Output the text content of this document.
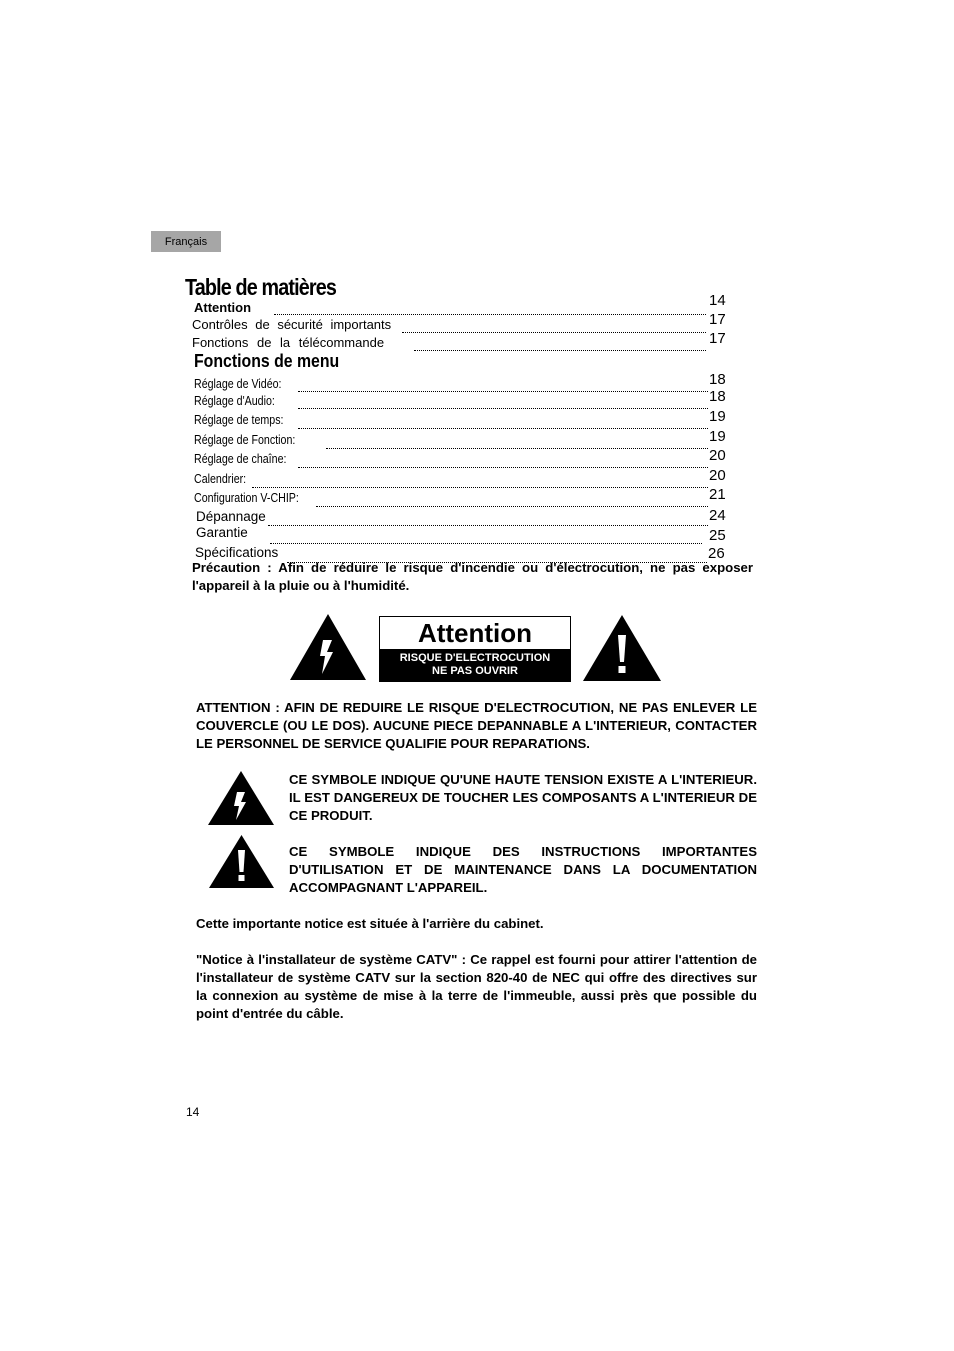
Français
Table de matières
Attention	14
Contrôles de sécurité importants	17
Fonctions de la télécommande	17
Fonctions de menu
Réglage de Vidéo:	18
Réglage d'Audio:	18
Réglage de temps:	19
Réglage de Fonction:	19
Réglage de chaîne:	20
Calendrier:	20
Configuration V-CHIP:	21
Dépannage	24
Garantie	25
Spécifications	26
Précaution : Afin de réduire le risque d'incendie ou d'électrocution, ne pas exposer l'appareil à la pluie ou à l'humidité.
Attention
RISQUE D'ELECTROCUTION
NE PAS OUVRIR
ATTENTION : AFIN DE REDUIRE LE RISQUE D'ELECTROCUTION, NE PAS ENLEVER LE COUVERCLE (OU LE DOS). AUCUNE PIECE DEPANNABLE A L'INTERIEUR, CONTACTER LE PERSONNEL DE SERVICE QUALIFIE POUR REPARATIONS.
CE SYMBOLE INDIQUE QU'UNE HAUTE TENSION EXISTE A L'INTERIEUR. IL EST DANGEREUX DE TOUCHER LES COMPOSANTS A L'INTERIEUR DE CE PRODUIT.
CE SYMBOLE INDIQUE DES INSTRUCTIONS IMPORTANTES D'UTILISATION ET DE MAINTENANCE DANS LA DOCUMENTATION ACCOMPAGNANT L'APPAREIL.
Cette importante notice est située à l'arrière du cabinet.
"Notice à l'installateur de système CATV" : Ce rappel est fourni pour attirer l'attention de l'installateur de système CATV sur la section 820-40 de NEC qui offre des directives sur la connexion au système de mise à la terre de l'immeuble, aussi près que possible du point d'entrée du câble.
14
